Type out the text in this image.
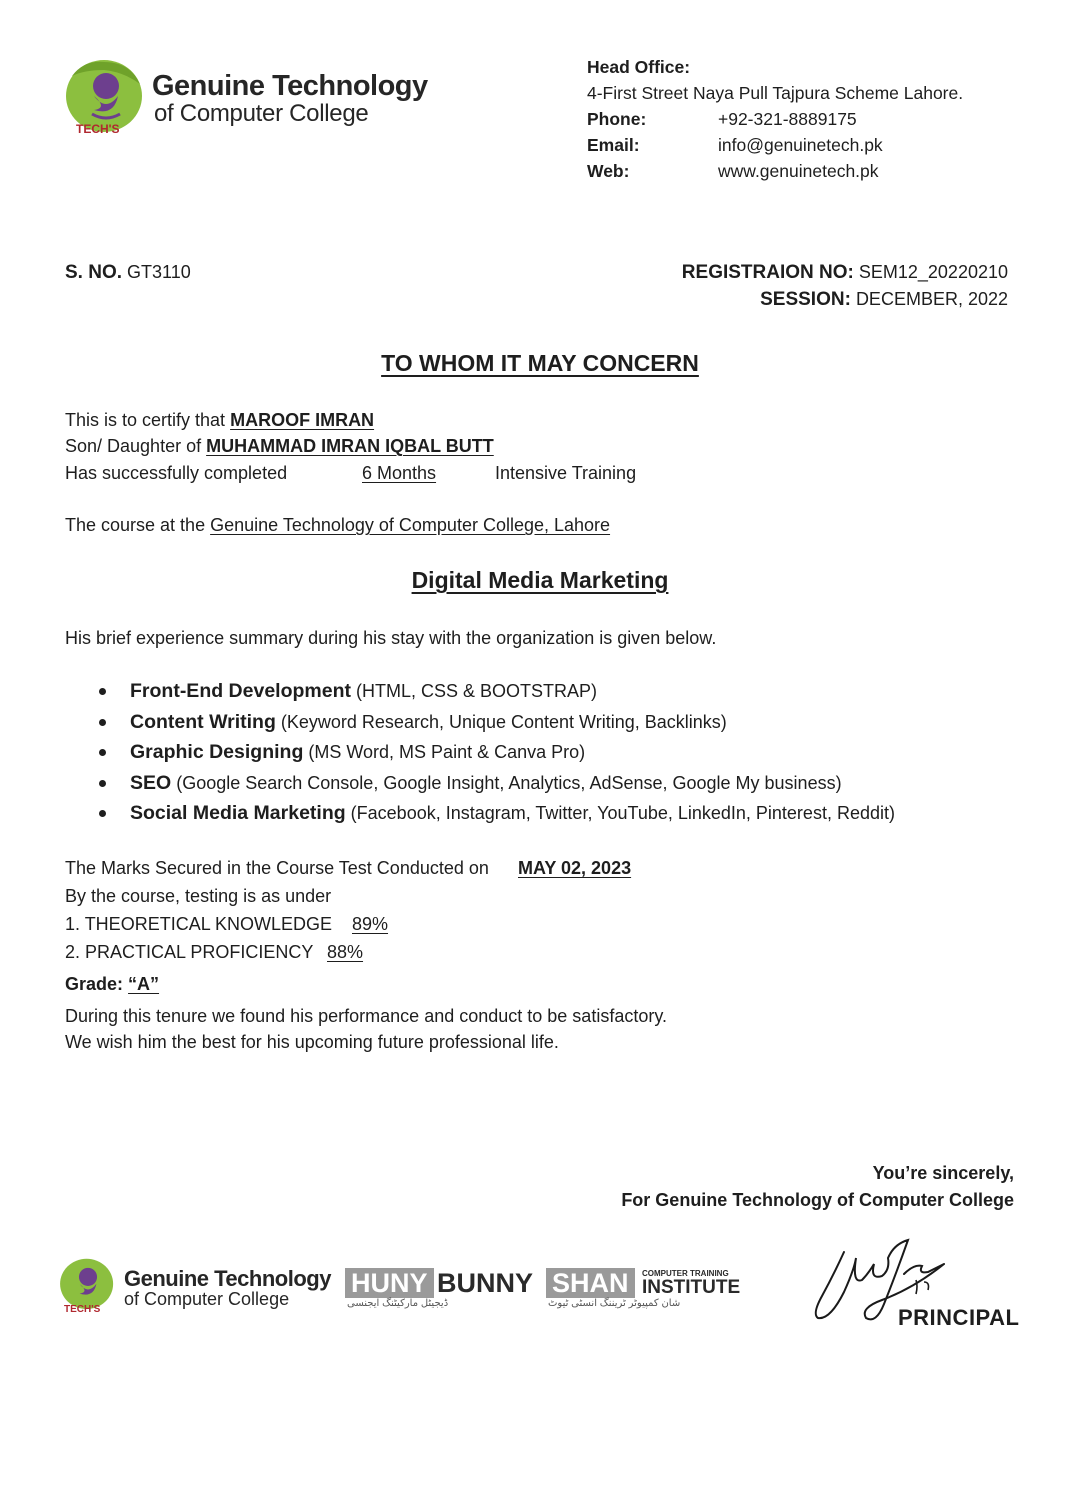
TECH'S
Genuine Technology
of Computer College
Head Office:
4-First Street Naya Pull Tajpura Scheme Lahore.
Phone:	+92-321-8889175
Email:	info@genuinetech.pk
Web:	www.genuinetech.pk
S. NO. GT3110	REGISTRAION NO: SEM12_20220210
SESSION: DECEMBER, 2022
TO WHOM IT MAY CONCERN
This is to certify that MAROOF IMRAN
Son/ Daughter of MUHAMMAD IMRAN IQBAL BUTT
Has successfully completed	6 Months	Intensive Training
The course at the Genuine Technology of Computer College, Lahore
Digital Media Marketing
His brief experience summary during his stay with the organization is given below.
Front-End Development (HTML, CSS & BOOTSTRAP)
Content Writing (Keyword Research, Unique Content Writing, Backlinks)
Graphic Designing (MS Word, MS Paint & Canva Pro)
SEO (Google Search Console, Google Insight, Analytics, AdSense, Google My business)
Social Media Marketing (Facebook, Instagram, Twitter, YouTube, LinkedIn, Pinterest, Reddit)
The Marks Secured in the Course Test Conducted on MAY 02, 2023
By the course, testing is as under
1. THEORETICAL KNOWLEDGE 89%
2. PRACTICAL PROFICIENCY 88%
Grade: “A”
During this tenure we found his performance and conduct to be satisfactory.
We wish him the best for his upcoming future professional life.
You’re sincerely,
For Genuine Technology of Computer College
TECH'S
Genuine Technology
of Computer College
HUNY BUNNY
ڈیجیٹل مارکیٹنگ ایجنسی
SHAN	COMPUTER TRAINING
INSTITUTE
شان کمپیوٹر ٹریننگ انسٹی ٹیوٹ
PRINCIPAL
